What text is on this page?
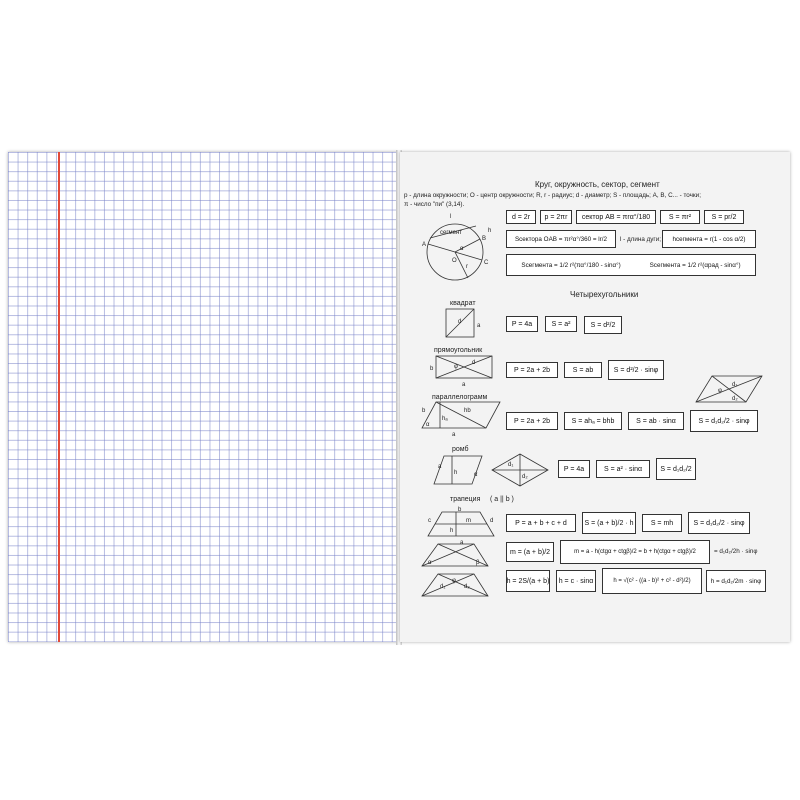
Круг, окружность, сектор, сегмент
p - длина окружности; O - центр окружности; R, r - радиус; d - диаметр; S - площадь; A, B, C... - точки;
π - число "пи" (3,14).
l
h
сегмент
A
B
C
O
r
α
d = 2r	p = 2πr	сектор AB = πrα°/180	S = πr²	S = pr/2
Sсектора OAB = πr²α°/360 = lr/2	l - длина дуги;	hсегмента = r(1 - cos α/2)
Sсегмента = 1/2 r²(πα°/180 - sinα°)	Sсегмента = 1/2 r²(αрад - sinα°)
Четырехугольники
квадрат
d
a	P = 4a	S = a²	S = d²/2
прямоугольник
b
a
d
φ	P = 2a + 2b	S = ab	S = d²/2 · sinφ
параллелограмм
b
hₐ
hb
α
a
P = 2a + 2b	S = ahₐ = bhb	S = ab · sinα	S = d₁d₂/2 · sinφ
d₁
d₂
φ
ромб
a
h	α
d₁
d₂
P = 4a	S = a² · sinα	S = d₁d₂/2
трапеция ( a || b )
c
b
d
a
m
h
α	β
d₁	d₂
φ
P = a + b + c + d	S = (a + b)/2 · h	S = mh	S = d₁d₂/2 · sinφ
m = (a + b)/2	m = a - h(ctgα + ctgβ)/2 = b + h(ctgα + ctgβ)/2	= d₁d₂/2h · sinφ
h = 2S/(a + b)	h = c · sinα	h = √(c² - ((a - b)² + c² - d²)/2)	h = d₁d₂/2m · sinφ
